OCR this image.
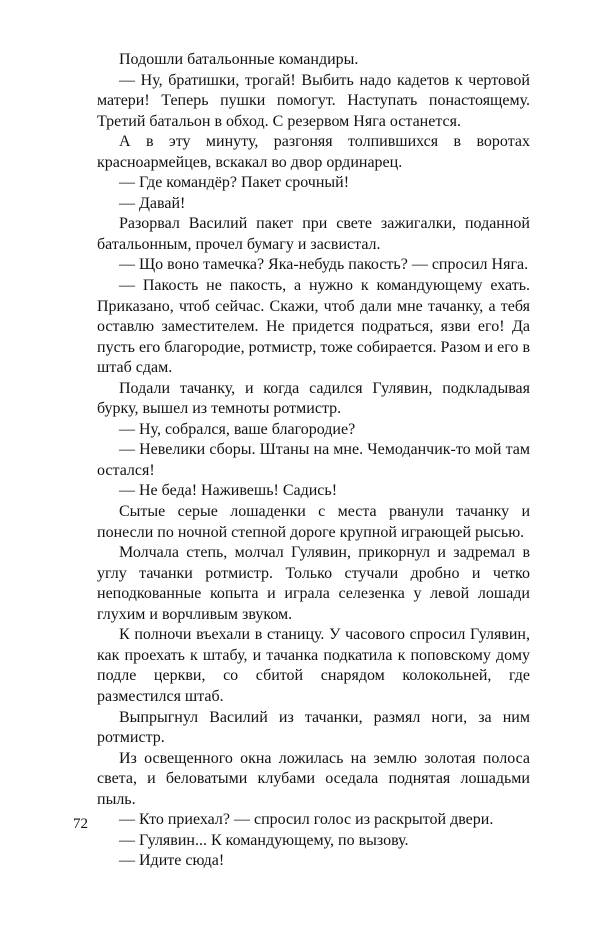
Подошли батальонные командиры.

— Ну, братишки, трогай! Выбить надо кадетов к чертовой матери! Теперь пушки помогут. Наступать понастоящему. Третий батальон в обход. С резервом Няга останется.

А в эту минуту, разгоняя толпившихся в воротах красноармейцев, вскакал во двор ординарец.

— Где командёр? Пакет срочный!

— Давай!

Разорвал Василий пакет при свете зажигалки, поданной батальонным, прочел бумагу и засвистал.

— Що воно тамечка? Яка-небудь пакость? — спросил Няга.

— Пакость не пакость, а нужно к командующему ехать. Приказано, чтоб сейчас. Скажи, чтоб дали мне тачанку, а тебя оставлю заместителем. Не придется подраться, язви его! Да пусть его благородие, ротмистр, тоже собирается. Разом и его в штаб сдам.

Подали тачанку, и когда садился Гулявин, подкладывая бурку, вышел из темноты ротмистр.

— Ну, собрался, ваше благородие?

— Невелики сборы. Штаны на мне. Чемоданчик-то мой там остался!

— Не беда! Наживешь! Садись!

Сытые серые лошаденки с места рванули тачанку и понесли по ночной степной дороге крупной играющей рысью.

Молчала степь, молчал Гулявин, прикорнул и задремал в углу тачанки ротмистр. Только стучали дробно и четко неподкованные копыта и играла селезенка у левой лошади глухим и ворчливым звуком.

К полночи въехали в станицу. У часового спросил Гулявин, как проехать к штабу, и тачанка подкатила к поповскому дому подле церкви, со сбитой снарядом колокольней, где разместился штаб.

Выпрыгнул Василий из тачанки, размял ноги, за ним ротмистр.

Из освещенного окна ложилась на землю золотая полоса света, и беловатыми клубами оседала поднятая лошадьми пыль.

— Кто приехал? — спросил голос из раскрытой двери.

— Гулявин... К командующему, по вызову.

— Идите сюда!

72
